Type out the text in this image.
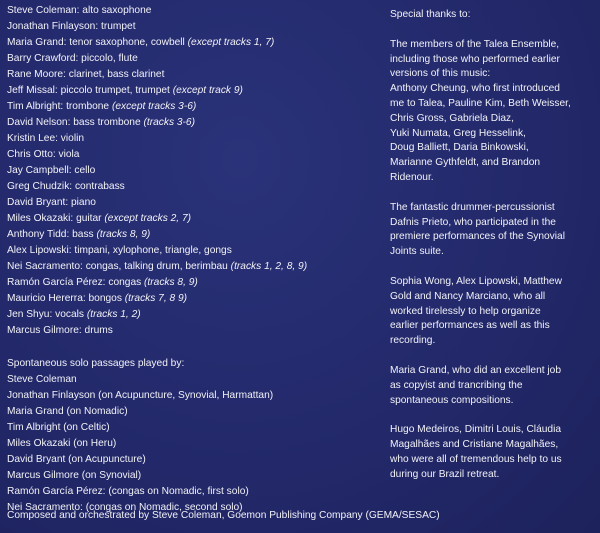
Steve Coleman: alto saxophone
Jonathan Finlayson: trumpet
Maria Grand: tenor saxophone, cowbell (except tracks 1, 7)
Barry Crawford: piccolo, flute
Rane Moore: clarinet, bass clarinet
Jeff Missal: piccolo trumpet, trumpet (except track 9)
Tim Albright: trombone (except tracks 3-6)
David Nelson: bass trombone (tracks 3-6)
Kristin Lee: violin
Chris Otto: viola
Jay Campbell: cello
Greg Chudzik: contrabass
David Bryant: piano
Miles Okazaki: guitar (except tracks 2, 7)
Anthony Tidd: bass (tracks 8, 9)
Alex Lipowski: timpani, xylophone, triangle, gongs
Nei Sacramento: congas, talking drum, berimbau (tracks 1, 2, 8, 9)
Ramón García Pérez: congas (tracks 8, 9)
Mauricio Hererra: bongos (tracks 7, 8 9)
Jen Shyu: vocals (tracks 1, 2)
Marcus Gilmore: drums
Spontaneous solo passages played by:
Steve Coleman
Jonathan Finlayson (on Acupuncture, Synovial, Harmattan)
Maria Grand (on Nomadic)
Tim Albright (on Celtic)
Miles Okazaki (on Heru)
David Bryant (on Acupuncture)
Marcus Gilmore (on Synovial)
Ramón García Pérez: (congas on Nomadic, first solo)
Nei Sacramento: (congas on Nomadic, second solo)
Special thanks to:
The members of the Talea Ensemble,
including those who performed earlier
versions of this music:
Anthony Cheung, who first introduced
me to Talea, Pauline Kim, Beth Weisser,
Chris Gross, Gabriela Diaz,
Yuki Numata, Greg Hesselink,
Doug Balliett, Daria Binkowski,
Marianne Gythfeldt, and Brandon
Ridenour.
The fantastic drummer-percussionist
Dafnis Prieto, who participated in the
premiere performances of the Synovial
Joints suite.
Sophia Wong, Alex Lipowski, Matthew
Gold and Nancy Marciano, who all
worked tirelessly to help organize
earlier performances as well as this
recording.
Maria Grand, who did an excellent job
as copyist and trancribing the
spontaneous compositions.
Hugo Medeiros, Dimitri Louis, Cláudia
Magalhães and Cristiane Magalhães,
who were all of tremendous help to us
during our Brazil retreat.
Composed and orchestrated by Steve Coleman, Goemon Publishing Company (GEMA/SESAC)
